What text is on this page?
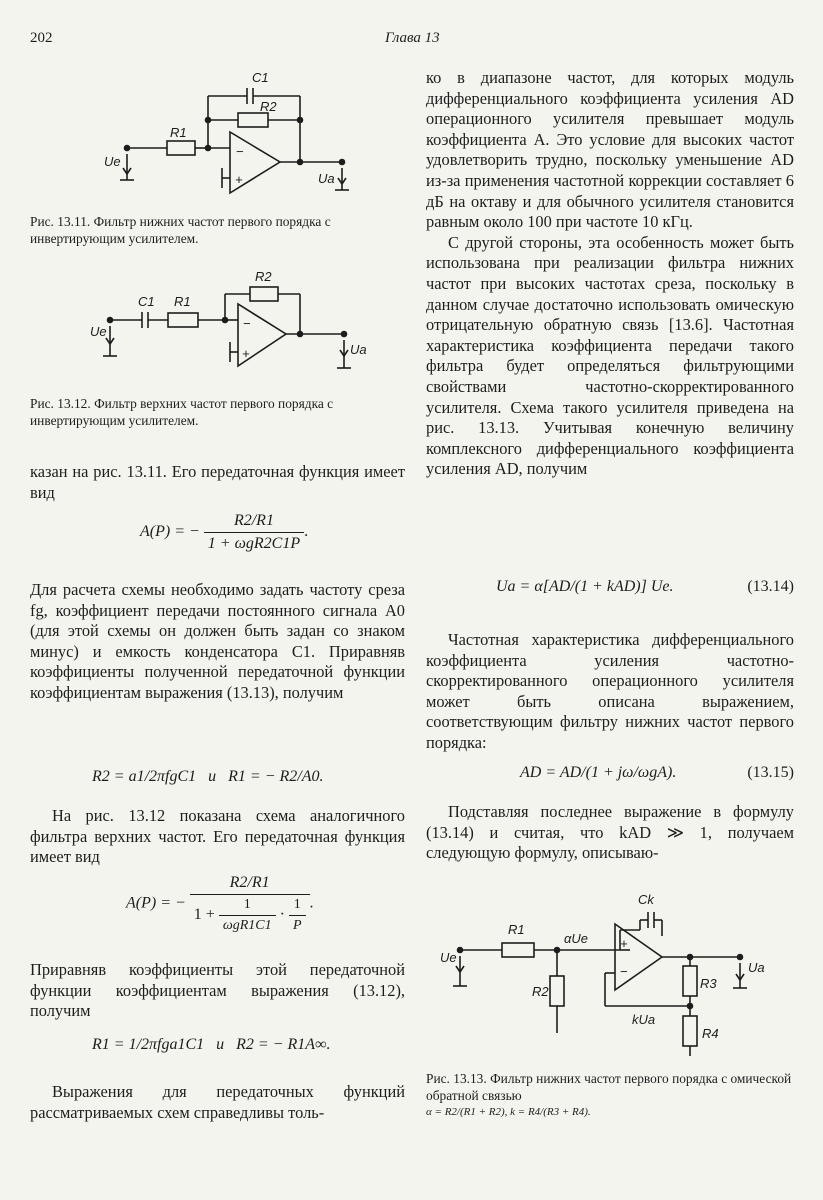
202	Глава 13
C1
R2
R1
Ue
Ua
−
+
Рис. 13.11. Фильтр нижних частот первого порядка с инвертирующим усилителем.
R2
C1 R1
Ue
Ua
−
+
Рис. 13.12. Фильтр верхних частот первого порядка с инвертирующим усилителем.

казан на рис. 13.11. Его передаточная функция имеет вид

A(P) = − $\frac{R2/R1}{\text{1 + ωgR2C1P}}$ .

Для расчета схемы необходимо задать частоту среза fg, коэффициент передачи постоянного сигнала A0 (для этой схемы он должен быть задан со знаком минус) и емкость конденсатора C1. Приравняв коэффициенты полученной передаточной функции коэффициентам выражения (13.13), получим

R2 = a1/2πfgC1   и   R1 = − R2/A0.

На рис. 13.12 показана схема аналогичного фильтра верхних частот. Его передаточная функция имеет вид

A(P) = −
R2/R1
$1 + \frac{1}{\text{ωgR1C1}} \cdot \frac{1}{P}$ .

Приравняв коэффициенты этой передаточной функции коэффициентам выражения (13.12), получим

R1 = 1/2πfga1C1   и   R2 = − R1A∞.

Выражения для передаточных функций рассматриваемых схем справедливы толь-

ко в диапазоне частот, для которых модуль дифференциального коэффициента усиления AD операционного усилителя превышает модуль коэффициента A. Это условие для высоких частот удовлетворить трудно, поскольку уменьшение AD из-за применения частотной коррекции составляет 6 дБ на октаву и для обычного усилителя становится равным около 100 при частоте 10 кГц.

С другой стороны, эта особенность может быть использована при реализации фильтра нижних частот при высоких частотах среза, поскольку в данном случае достаточно использовать омическую отрицательную обратную связь [13.6]. Частотная характеристика коэффициента передачи такого фильтра будет определяться фильтрующими свойствами частотно-скорректированного усилителя. Схема такого усилителя приведена на рис. 13.13. Учитывая конечную величину комплексного дифференциального коэффициента усиления AD, получим

Ua = α[AD/(1 + kAD)] Ue.	(13.14)

Частотная характеристика дифференциального коэффициента усиления частотно-скорректированного операционного усилителя может быть описана выражением, соответствующим фильтру нижних частот первого порядка:

AD = AD/(1 + jω/ωgA).	(13.15)

Подставляя последнее выражение в формулу (13.14) и считая, что kAD ≫ 1, получаем следующую формулу, описываю-

Ck
R1
αUe
Ue
R2
R3
Ua
kUa
R4
−
+
Рис. 13.13. Фильтр нижних частот первого порядка с омической обратной связью
α = R2/(R1 + R2), k = R4/(R3 + R4).
